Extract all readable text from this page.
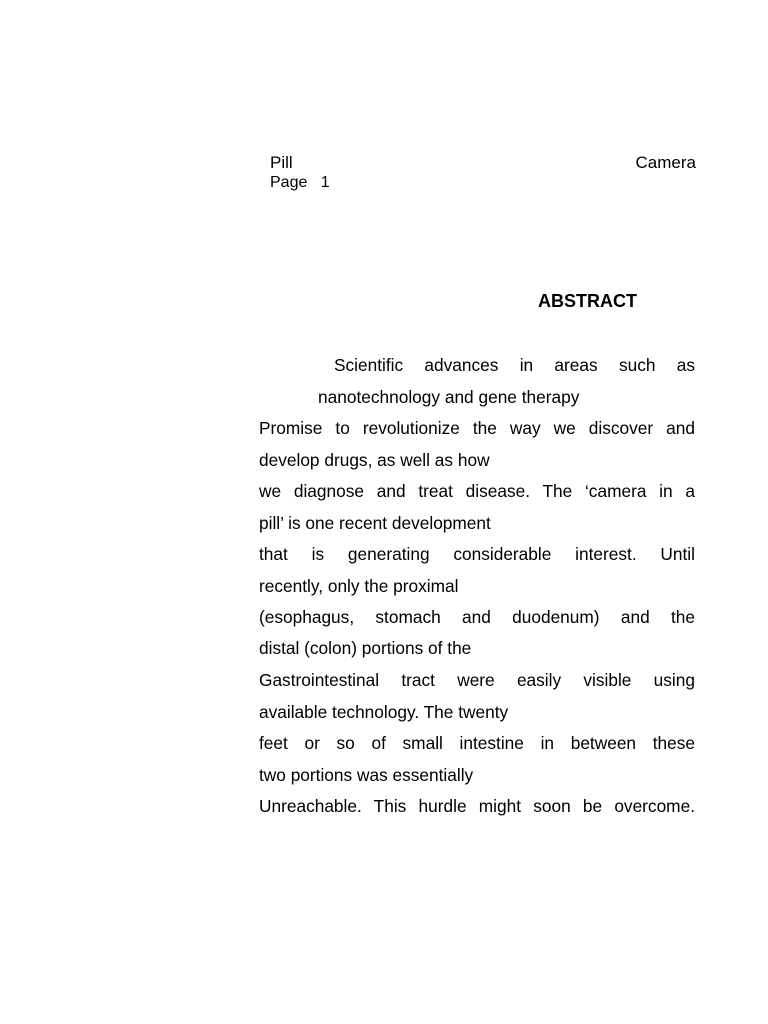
Pill	Camera
Page   1
ABSTRACT
Scientific advances in areas such as
nanotechnology and gene therapy
Promise to revolutionize the way we discover and
develop drugs, as well as how
we diagnose and treat disease. The ‘camera in a
pill’ is one recent development
that is generating considerable interest. Until
recently, only the proximal
(esophagus, stomach and duodenum) and the
distal (colon) portions of the
Gastrointestinal tract were easily visible using
available technology. The twenty
feet or so of small intestine in between these
two portions was essentially
Unreachable. This hurdle might soon be overcome.
